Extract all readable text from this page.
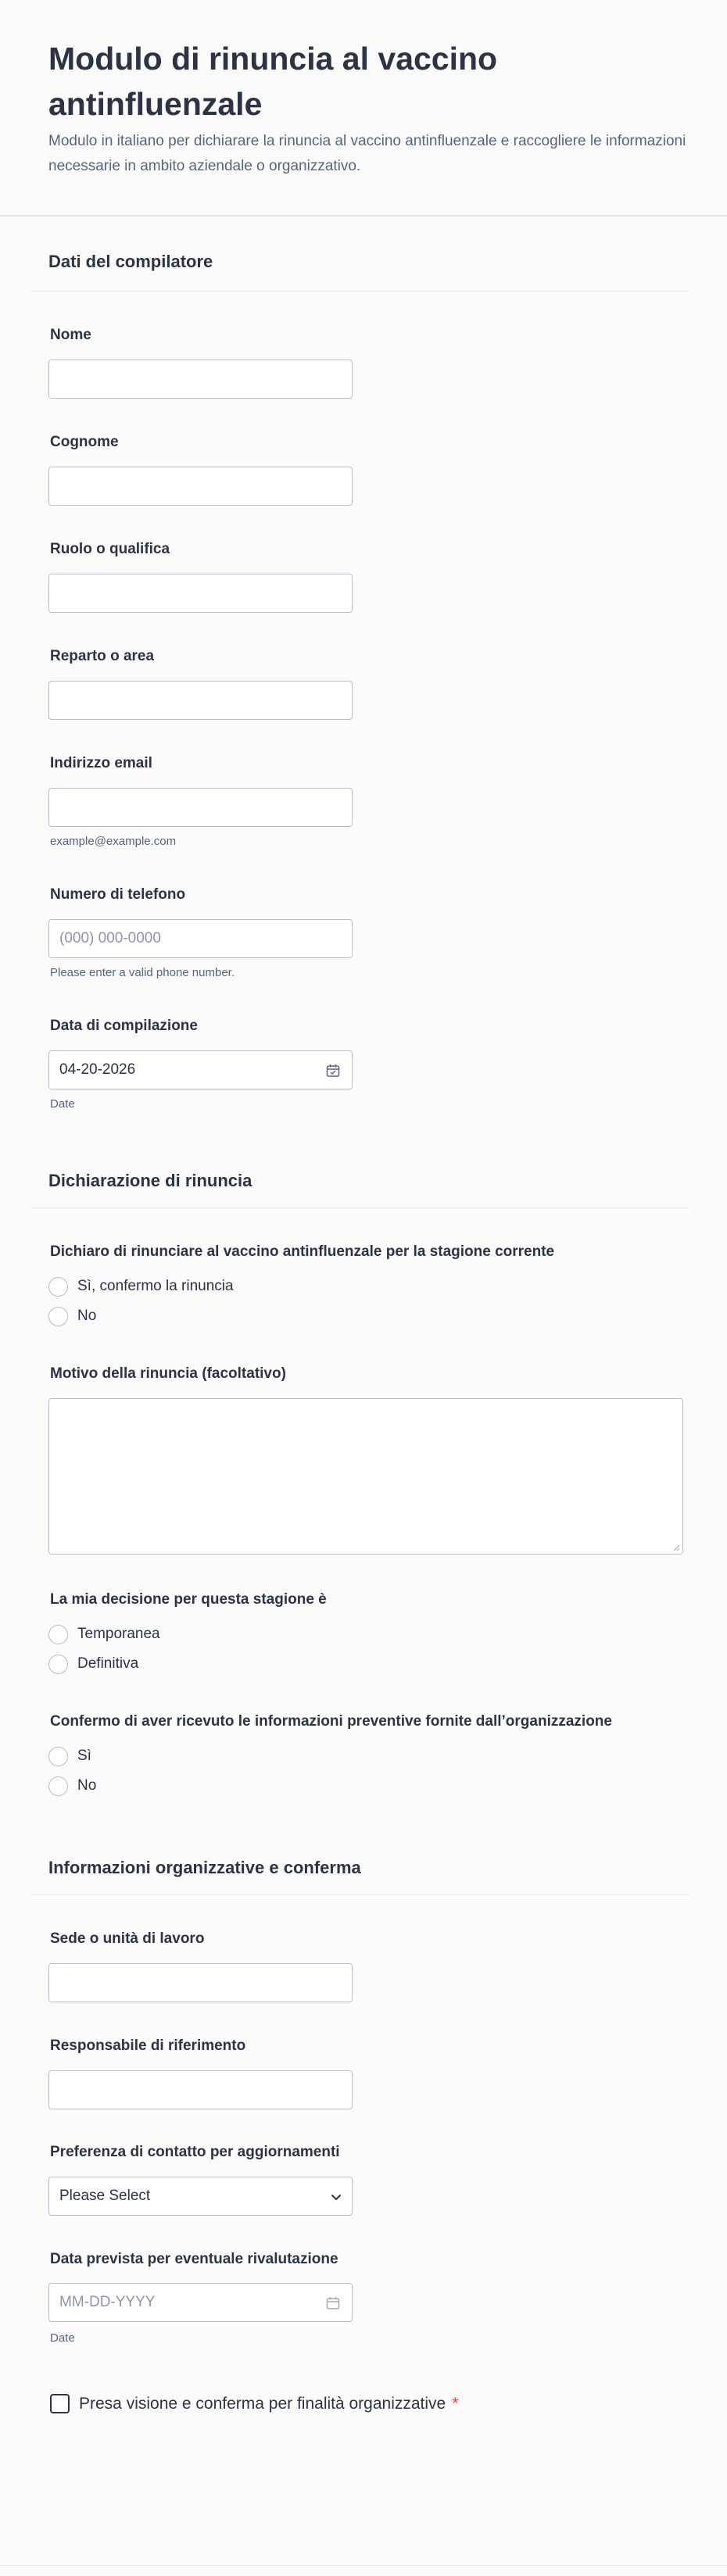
Modulo di rinuncia al vaccino antinfluenzale

Modulo in italiano per dichiarare la rinuncia al vaccino antinfluenzale e raccogliere le informazioni necessarie in ambito aziendale o organizzativo.

Dati del compilatore
Nome
Cognome
Ruolo o qualifica
Reparto o area
Indirizzo email
example@example.com
Numero di telefono
(000) 000-0000
Please enter a valid phone number.
Data di compilazione
04-20-2026
Date
Dichiarazione di rinuncia
Dichiaro di rinunciare al vaccino antinfluenzale per la stagione corrente
Sì, confermo la rinuncia
No
Motivo della rinuncia (facoltativo)
La mia decisione per questa stagione è
Temporanea
Definitiva
Confermo di aver ricevuto le informazioni preventive fornite dall’organizzazione
Sì
No
Informazioni organizzative e conferma
Sede o unità di lavoro
Responsabile di riferimento
Preferenza di contatto per aggiornamenti
Please Select
Data prevista per eventuale rivalutazione
MM-DD-YYYY
Date
Presa visione e conferma per finalità organizzative *
